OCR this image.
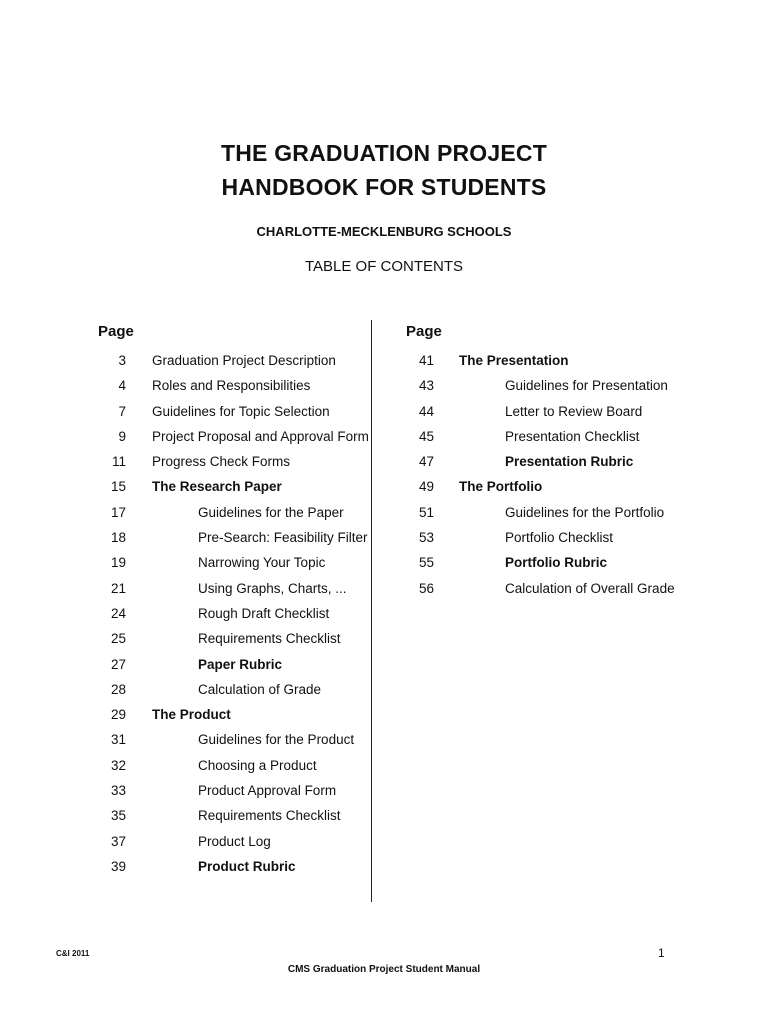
THE GRADUATION PROJECT
HANDBOOK FOR STUDENTS
CHARLOTTE-MECKLENBURG SCHOOLS
TABLE OF CONTENTS
Page
3 Graduation Project Description
4 Roles and Responsibilities
7 Guidelines for Topic Selection
9 Project Proposal and Approval Form
11 Progress Check Forms
15 The Research Paper
17	Guidelines for the Paper
18	Pre-Search: Feasibility Filter
19	Narrowing Your Topic
21	Using Graphs, Charts, ...
24	Rough Draft Checklist
25	Requirements Checklist
27	Paper Rubric
28	Calculation of Grade
29 The Product
31	Guidelines for the Product
32	Choosing a Product
33	Product Approval Form
35	Requirements Checklist
37	Product Log
39	Product Rubric
Page
41 The Presentation
43	Guidelines for Presentation
44	Letter to Review Board
45	Presentation Checklist
47	Presentation Rubric
49 The Portfolio
51	Guidelines for the Portfolio
53	Portfolio Checklist
55	Portfolio Rubric
56	Calculation of Overall Grade
C&I 2011	1
CMS Graduation Project Student Manual
